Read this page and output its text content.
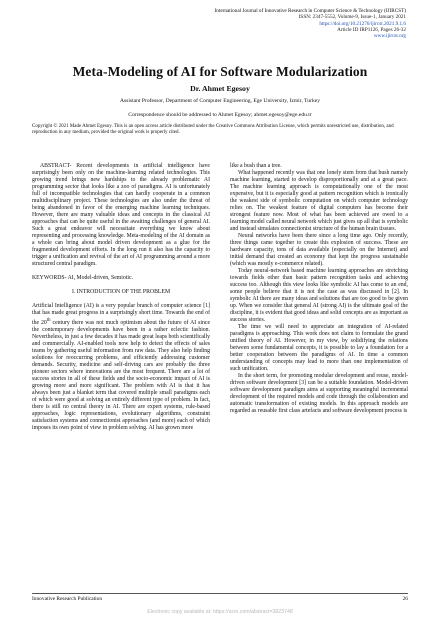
International Journal of Innovative Research in Computer Science & Technology (IJIRCST)
ISSN: 2347-5552, Volume-9, Issue-1, January 2021
https://doi.org/10.21276/ijircst.2021.9.1.6
Article ID IRP1126, Pages 26-32
www.ijircst.org
Meta-Modeling of AI for Software Modularization
Dr. Ahmet Egesoy
Assistant Professor, Department of Computer Engineering, Ege University, Izmir, Turkey
Correspondence should be addressed to Ahmet Egesoy; ahmet.egesoy@ege.edu.tr
Copyright © 2021 Made Ahmet Egesoy. This is an open access article distributed under the Creative Commons Attribution License, which permits unrestricted use, distribution, and reproduction in any medium, provided the original work is properly cited.

ABSTRACT- Recent developments in artificial intelligence have surprisingly been only on the machine-learning related technologies. This growing trend brings new hardships to the already problematic AI programming sector that looks like a zoo of paradigms. AI is unfortunately full of incompatible technologies that can hardly cooperate in a common multidisciplinary project. These technologies are also under the threat of being abandoned in favor of the emerging machine learning techniques. However, there are many valuable ideas and concepts in the classical AI approaches that can be quite useful in the awaiting challenges of general AI. Such a great endeavor will necessitate everything we know about representing and processing knowledge. Meta-modeling of the AI domain as a whole can bring about model driven development as a glue for the fragmented development efforts. In the long run it also has the capacity to trigger a unification and revival of the art of AI programming around a more structured central paradigm.

KEYWORDS- AI, Model-driven, Semiotic.

I. INTRODUCTION OF THE PROBLEM

Artificial Intelligence (AI) is a very popular branch of computer science [1] that has made great progress in a surprisingly short time. Towards the end of the 20th century there was not much optimism about the future of AI since the contemporary developments have been in a rather eclectic fashion. Nevertheless, in just a few decades it has made great leaps both scientifically and commercially. AI-enabled tools now help to detect the effects of sales teams by gathering useful information from raw data. They also help finding solutions for reoccurring problems, and efficiently addressing customer demands. Security, medicine and self-driving cars are probably the three pioneer sectors where innovations are the most frequent. There are a lot of success stories in all of these fields and the socio-economic impact of AI is growing more and more significant. The problem with AI is that it has always been just a blanket term that covered multiple small paradigms each of which were good at solving an entirely different type of problem. In fact, there is still no central theory in AI. There are expert systems, rule-based approaches, logic representations, evolutionary algorithms, constraint satisfaction systems and connectionist approaches (and more) each of which imposes its own point of view in problem solving. AI has grown more

like a bush than a tree.

What happened recently was that one lonely stem from that bush namely machine learning, started to develop disproportionally and at a great pace. The machine learning approach is computationally one of the most expensive, but it is especially good at pattern recognition which is ironically the weakest side of symbolic computation on which computer technology relies on. The weakest feature of digital computers has become their strongest feature now. Most of what has been achieved are owed to a learning model called neural network which just gives up all that is symbolic and instead simulates connectionist structure of the human brain tissues.

Neural networks have been there since a long time ago. Only recently, three things came together to create this explosion of success. These are hardware capacity, tons of data available (especially on the Internet) and initial demand that created an economy that kept the progress sustainable (which was mostly e-commerce related).

Today neural-network based machine learning approaches are stretching towards fields other than basic pattern recognition tasks and achieving success too. Although this view looks like symbolic AI has come to an end, some people believe that it is not the case as was discussed in [2]. In symbolic AI there are many ideas and solutions that are too good to be given up. When we consider that general AI (strong AI) is the ultimate goal of the discipline, it is evident that good ideas and solid concepts are as important as success stories.

The time we will need to appreciate an integration of AI-related paradigms is approaching. This work does not claim to formulate the grand unified theory of AI. However, in my view, by solidifying the relations between some fundamental concepts, it is possible to lay a foundation for a better cooperation between the paradigms of AI. In time a common understanding of concepts may lead to more than one implementation of such unification.

In the short term, for promoting modular development and reuse, model-driven software development [3] can be a suitable foundation. Model-driven software development paradigm aims at supporting meaningful incremental development of the required models and code through the collaboration and automatic transformation of existing models. In this approach models are regarded as reusable first class artefacts and software development process is

Innovative Research Publication	26
Electronic copy available at: https://ssrn.com/abstract=3823748
